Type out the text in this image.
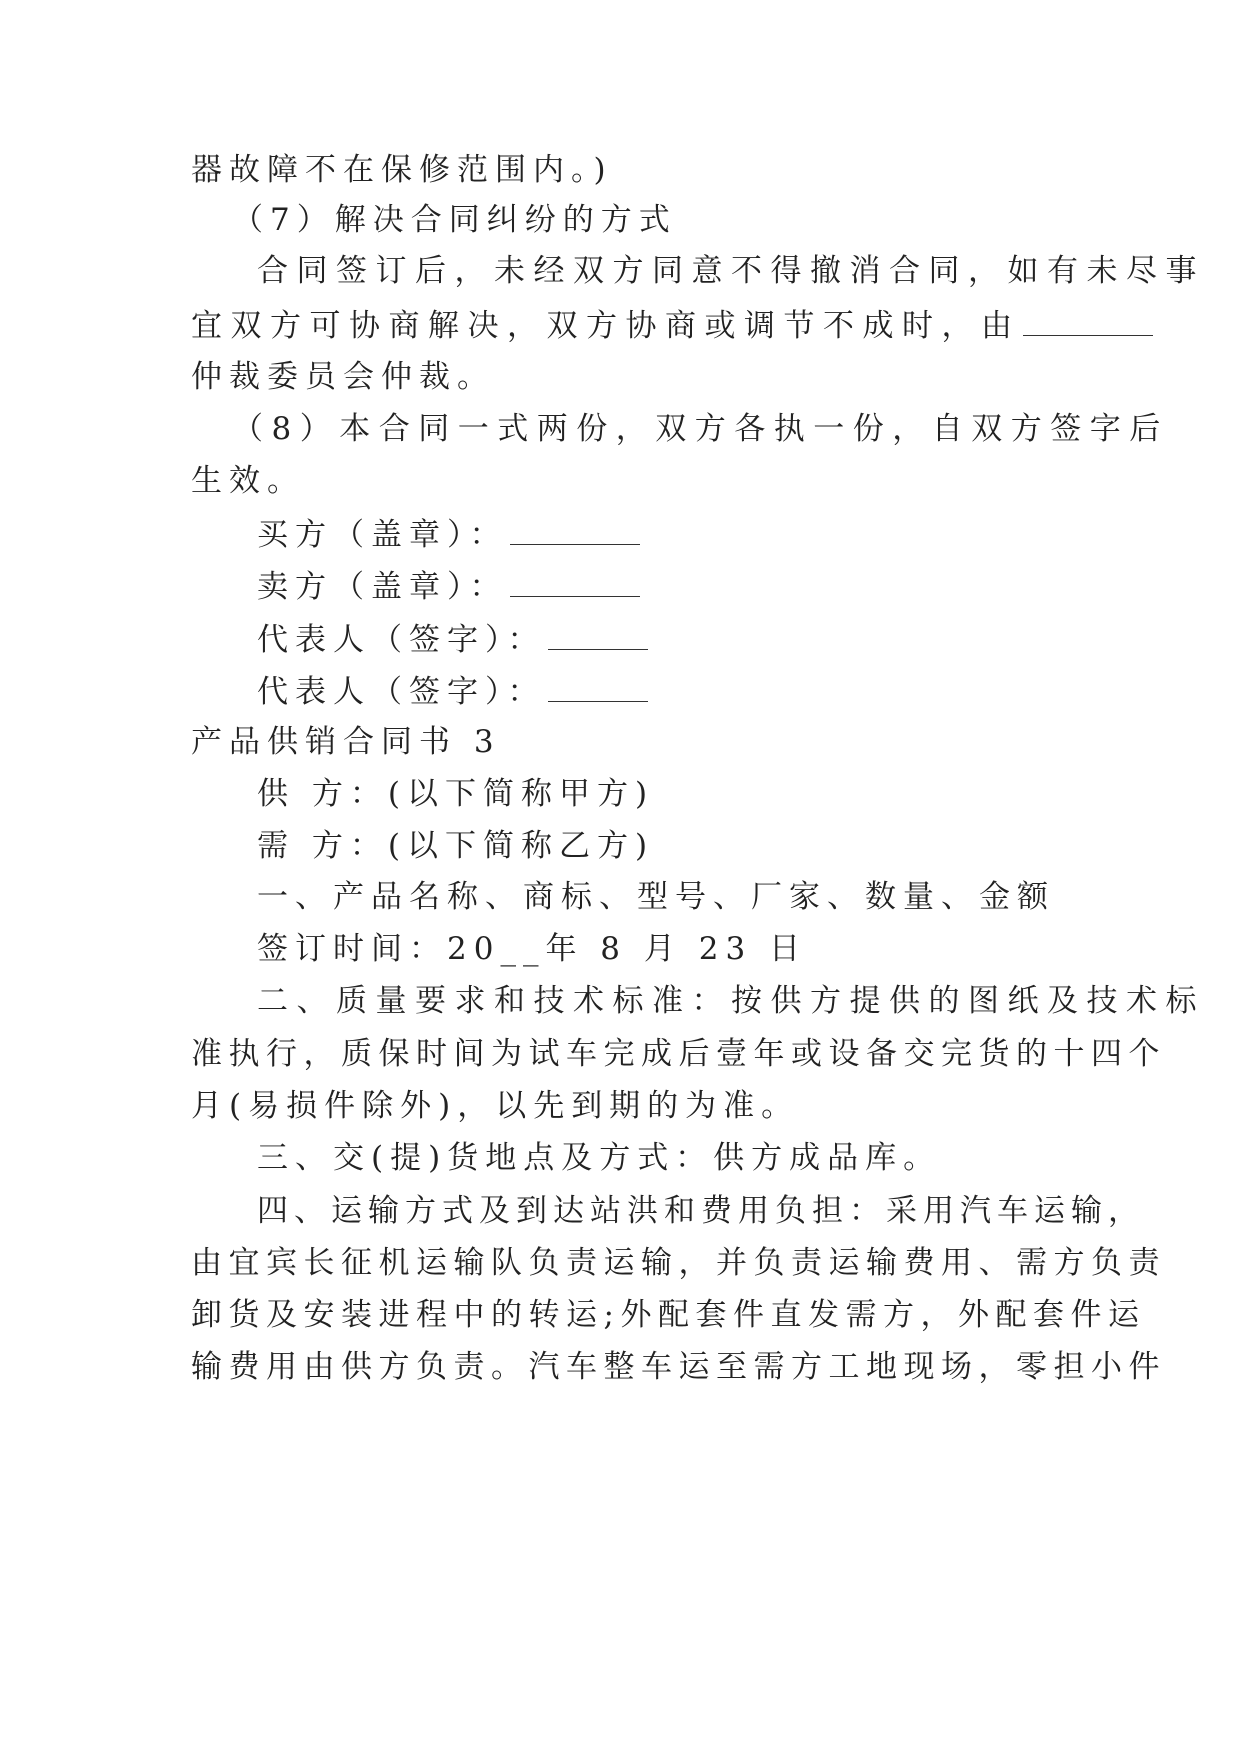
器故障不在保修范围内。)
（7）解决合同纠纷的方式
合同签订后，未经双方同意不得撤消合同，如有未尽事
宜双方可协商解决，双方协商或调节不成时，由
仲裁委员会仲裁。
（8）本合同一式两份，双方各执一份，自双方签字后
生效。
买方（盖章）：
卖方（盖章）：
代表人（签字）：
代表人（签字）：
产品供销合同书 3
供 方：(以下简称甲方)
需 方：(以下简称乙方)
一、产品名称、商标、型号、厂家、数量、金额
签订时间：20__年 8 月 23 日
二、质量要求和技术标准：按供方提供的图纸及技术标
准执行，质保时间为试车完成后壹年或设备交完货的十四个
月(易损件除外)，以先到期的为准。
三、交(提)货地点及方式：供方成品库。
四、运输方式及到达站洪和费用负担：采用汽车运输，
由宜宾长征机运输队负责运输，并负责运输费用、需方负责
卸货及安装进程中的转运;外配套件直发需方，外配套件运
输费用由供方负责。汽车整车运至需方工地现场，零担小件
